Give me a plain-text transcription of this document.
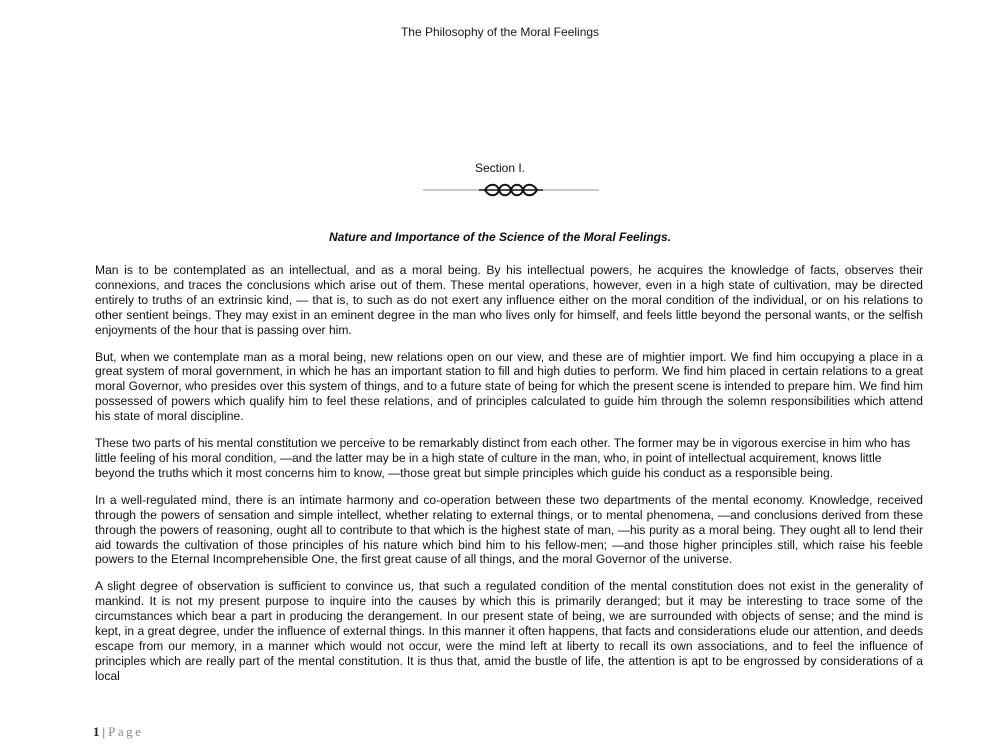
The Philosophy of the Moral Feelings
Section I.
Nature and Importance of the Science of the Moral Feelings.

Man is to be contemplated as an intellectual, and as a moral being. By his intellectual powers, he acquires the knowledge of facts, observes their connexions, and traces the conclusions which arise out of them. These mental operations, however, even in a high state of cultivation, may be directed entirely to truths of an extrinsic kind, — that is, to such as do not exert any influence either on the moral condition of the individual, or on his relations to other sentient beings. They may exist in an eminent degree in the man who lives only for himself, and feels little beyond the personal wants, or the selfish enjoyments of the hour that is passing over him.

But, when we contemplate man as a moral being, new relations open on our view, and these are of mightier import. We find him occupying a place in a great system of moral government, in which he has an important station to fill and high duties to perform. We find him placed in certain relations to a great moral Governor, who presides over this system of things, and to a future state of being for which the present scene is intended to prepare him. We find him possessed of powers which qualify him to feel these relations, and of principles calculated to guide him through the solemn responsibilities which attend his state of moral discipline.

These two parts of his mental constitution we perceive to be remarkably distinct from each other. The former may be in vigorous exercise in him who has little feeling of his moral condition, —and the latter may be in a high state of culture in the man, who, in point of intellectual acquirement, knows little beyond the truths which it most concerns him to know, —those great but simple principles which guide his conduct as a responsible being.

In a well-regulated mind, there is an intimate harmony and co-operation between these two departments of the mental economy. Knowledge, received through the powers of sensation and simple intellect, whether relating to external things, or to mental phenomena, —and conclusions derived from these through the powers of reasoning, ought all to contribute to that which is the highest state of man, —his purity as a moral being. They ought all to lend their aid towards the cultivation of those principles of his nature which bind him to his fellow-men; —and those higher principles still, which raise his feeble powers to the Eternal Incomprehensible One, the first great cause of all things, and the moral Governor of the universe.

A slight degree of observation is sufficient to convince us, that such a regulated condition of the mental constitution does not exist in the generality of mankind. It is not my present purpose to inquire into the causes by which this is primarily deranged; but it may be interesting to trace some of the circumstances which bear a part in producing the derangement. In our present state of being, we are surrounded with objects of sense; and the mind is kept, in a great degree, under the influence of external things. In this manner it often happens, that facts and considerations elude our attention, and deeds escape from our memory, in a manner which would not occur, were the mind left at liberty to recall its own associations, and to feel the influence of principles which are really part of the mental constitution. It is thus that, amid the bustle of life, the attention is apt to be engrossed by considerations of a local

1 | Page
